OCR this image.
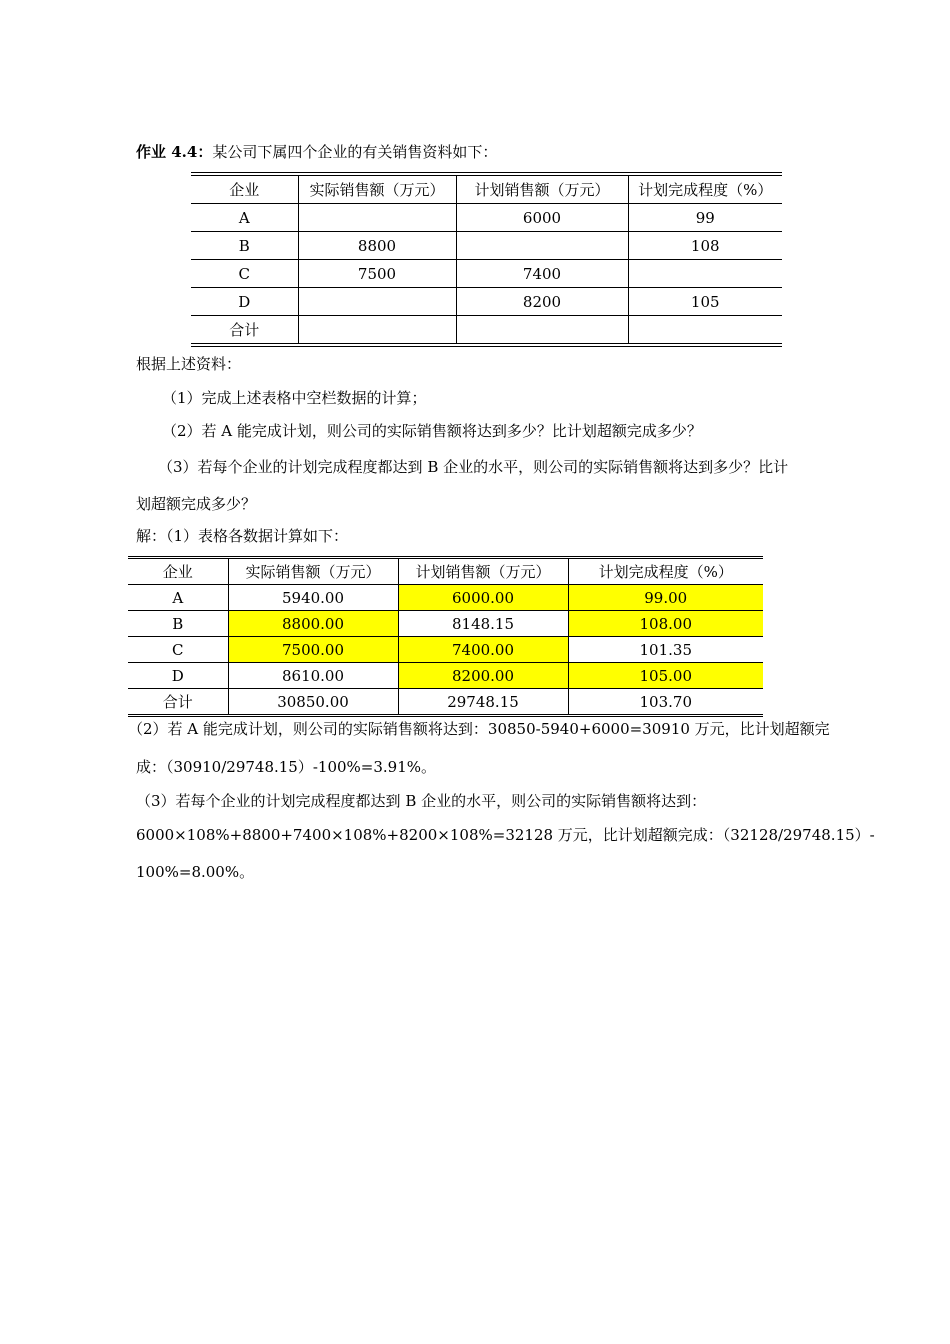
作业 4.4：某公司下属四个企业的有关销售资料如下：
企业	实际销售额（万元）	计划销售额（万元）	计划完成程度（%）
A		6000	99
B	8800		108
C	7500	7400	
D		8200	105
合计			
根据上述资料：
（1）完成上述表格中空栏数据的计算；
（2）若 A 能完成计划，则公司的实际销售额将达到多少？比计划超额完成多少？
（3）若每个企业的计划完成程度都达到 B 企业的水平，则公司的实际销售额将达到多少？比计
划超额完成多少？
解：（1）表格各数据计算如下：
企业	实际销售额（万元）	计划销售额（万元）	计划完成程度（%）
A	5940.00	6000.00	99.00
B	8800.00	8148.15	108.00
C	7500.00	7400.00	101.35
D	8610.00	8200.00	105.00
合计	30850.00	29748.15	103.70
（2）若 A 能完成计划，则公司的实际销售额将达到：30850-5940+6000=30910 万元，比计划超额完
成：（30910/29748.15）-100%=3.91%。
（3）若每个企业的计划完成程度都达到 B 企业的水平，则公司的实际销售额将达到：
6000×108%+8800+7400×108%+8200×108%=32128 万元，比计划超额完成：（32128/29748.15）-
100%=8.00%。
